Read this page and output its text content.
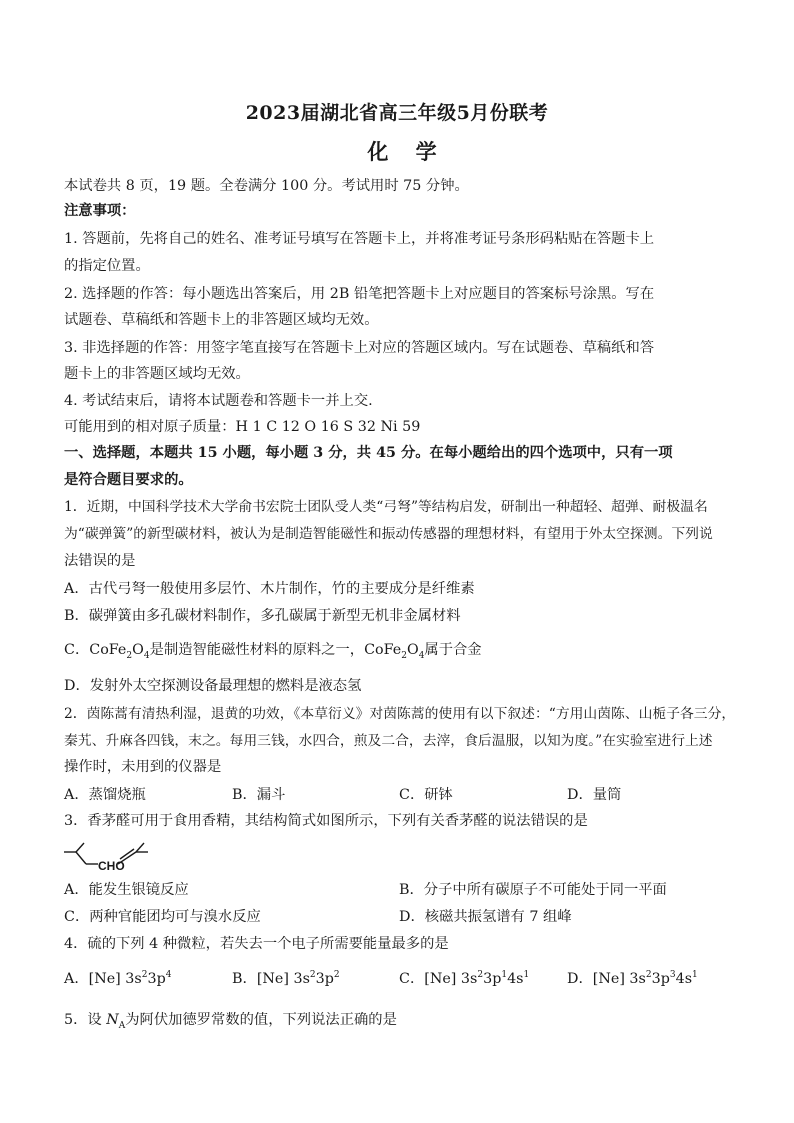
2023届湖北省高三年级5月份联考
化 学
本试卷共 8 页，19 题。全卷满分 100 分。考试用时 75 分钟。
注意事项：
1. 答题前，先将自己的姓名、准考证号填写在答题卡上，并将准考证号条形码粘贴在答题卡上
的指定位置。
2. 选择题的作答：每小题选出答案后，用 2B 铅笔把答题卡上对应题目的答案标号涂黑。写在
试题卷、草稿纸和答题卡上的非答题区域均无效。
3. 非选择题的作答：用签字笔直接写在答题卡上对应的答题区域内。写在试题卷、草稿纸和答
题卡上的非答题区域均无效。
4. 考试结束后，请将本试题卷和答题卡一并上交.
可能用到的相对原子质量：H 1 C 12 O 16 S 32 Ni 59
一、选择题，本题共 15 小题，每小题 3 分，共 45 分。在每小题给出的四个选项中，只有一项
是符合题目要求的。
1．近期，中国科学技术大学俞书宏院士团队受人类“弓弩”等结构启发，研制出一种超轻、超弹、耐极温名
为“碳弹簧”的新型碳材料，被认为是制造智能磁性和振动传感器的理想材料，有望用于外太空探测。下列说
法错误的是
A．古代弓弩一般使用多层竹、木片制作，竹的主要成分是纤维素
B．碳弹簧由多孔碳材料制作，多孔碳属于新型无机非金属材料
C．$CoFe_2O_4$是制造智能磁性材料的原料之一，$CoFe_2O_4$属于合金
D．发射外太空探测设备最理想的燃料是液态氢
2．茵陈蒿有清热利湿，退黄的功效，《本草衍义》对茵陈蒿的使用有以下叙述：“方用山茵陈、山栀子各三分，
秦艽、升麻各四钱，末之。每用三钱，水四合，煎及二合，去滓，食后温服，以知为度。”在实验室进行上述
操作时，未用到的仪器是
A．蒸馏烧瓶	B．漏斗	C．研钵	D．量筒
3．香茅醛可用于食用香精，其结构简式如图所示，下列有关香茅醛的说法错误的是
CHO
A．能发生银镜反应	B．分子中所有碳原子不可能处于同一平面
C．两种官能团均可与溴水反应	D．核磁共振氢谱有 7 组峰
4．硫的下列 4 种微粒，若失去一个电子所需要能量最多的是
A．[Ne] $3s^23p^4$	B．[Ne] $3s^23p^2$	C．[Ne] $3s^23p^14s^1$	D．[Ne] $3s^23p^34s^1$
5．设 $N_A$为阿伏加德罗常数的值，下列说法正确的是
